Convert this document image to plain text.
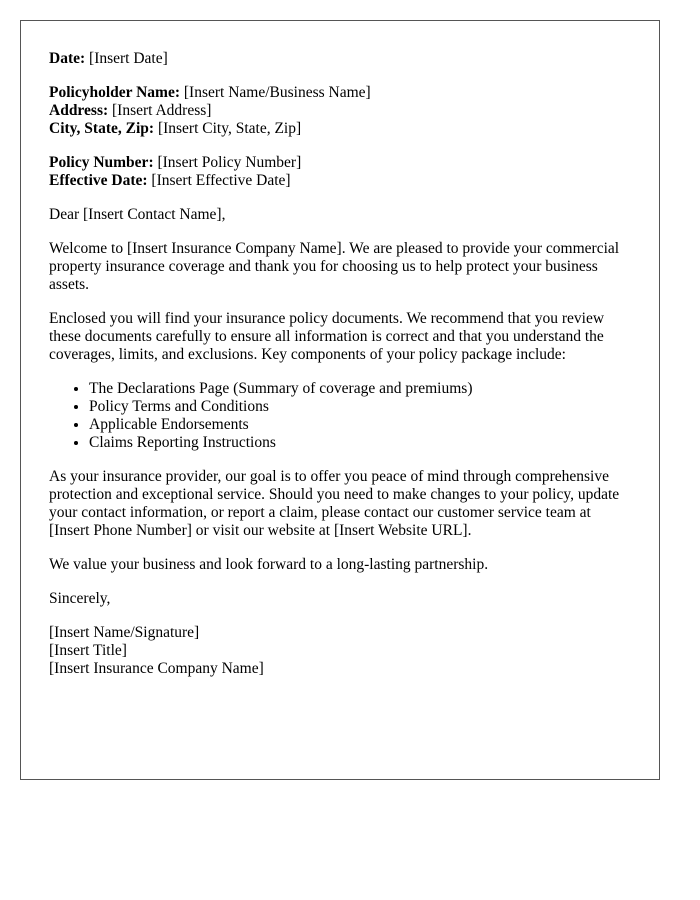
Date: [Insert Date]
Policyholder Name: [Insert Name/Business Name]
Address: [Insert Address]
City, State, Zip: [Insert City, State, Zip]
Policy Number: [Insert Policy Number]
Effective Date: [Insert Effective Date]

Dear [Insert Contact Name],

Welcome to [Insert Insurance Company Name]. We are pleased to provide your commercial property insurance coverage and thank you for choosing us to help protect your business assets.

Enclosed you will find your insurance policy documents. We recommend that you review these documents carefully to ensure all information is correct and that you understand the coverages, limits, and exclusions. Key components of your policy package include:

• The Declarations Page (Summary of coverage and premiums)
• Policy Terms and Conditions
• Applicable Endorsements
• Claims Reporting Instructions

As your insurance provider, our goal is to offer you peace of mind through comprehensive protection and exceptional service. Should you need to make changes to your policy, update your contact information, or report a claim, please contact our customer service team at [Insert Phone Number] or visit our website at [Insert Website URL].

We value your business and look forward to a long-lasting partnership.

Sincerely,

[Insert Name/Signature]
[Insert Title]
[Insert Insurance Company Name]
